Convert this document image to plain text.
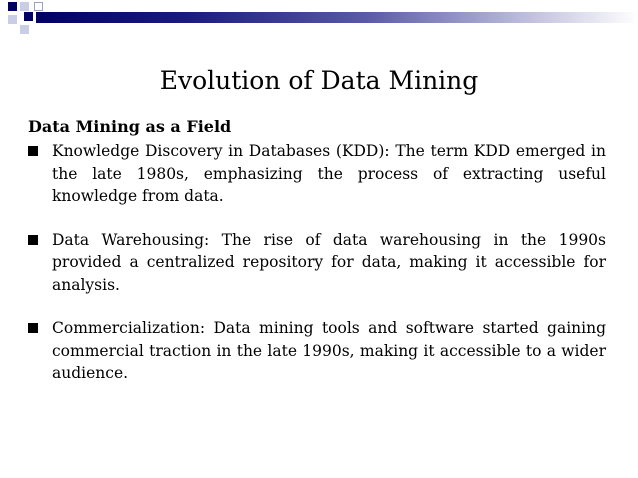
Evolution of Data Mining
Data Mining as a Field
Knowledge Discovery in Databases (KDD): The term KDD emerged in the late 1980s, emphasizing the process of extracting useful knowledge from data.
Data Warehousing: The rise of data warehousing in the 1990s provided a centralized repository for data, making it accessible for analysis.
Commercialization: Data mining tools and software started gaining commercial traction in the late 1990s, making it accessible to a wider audience.
